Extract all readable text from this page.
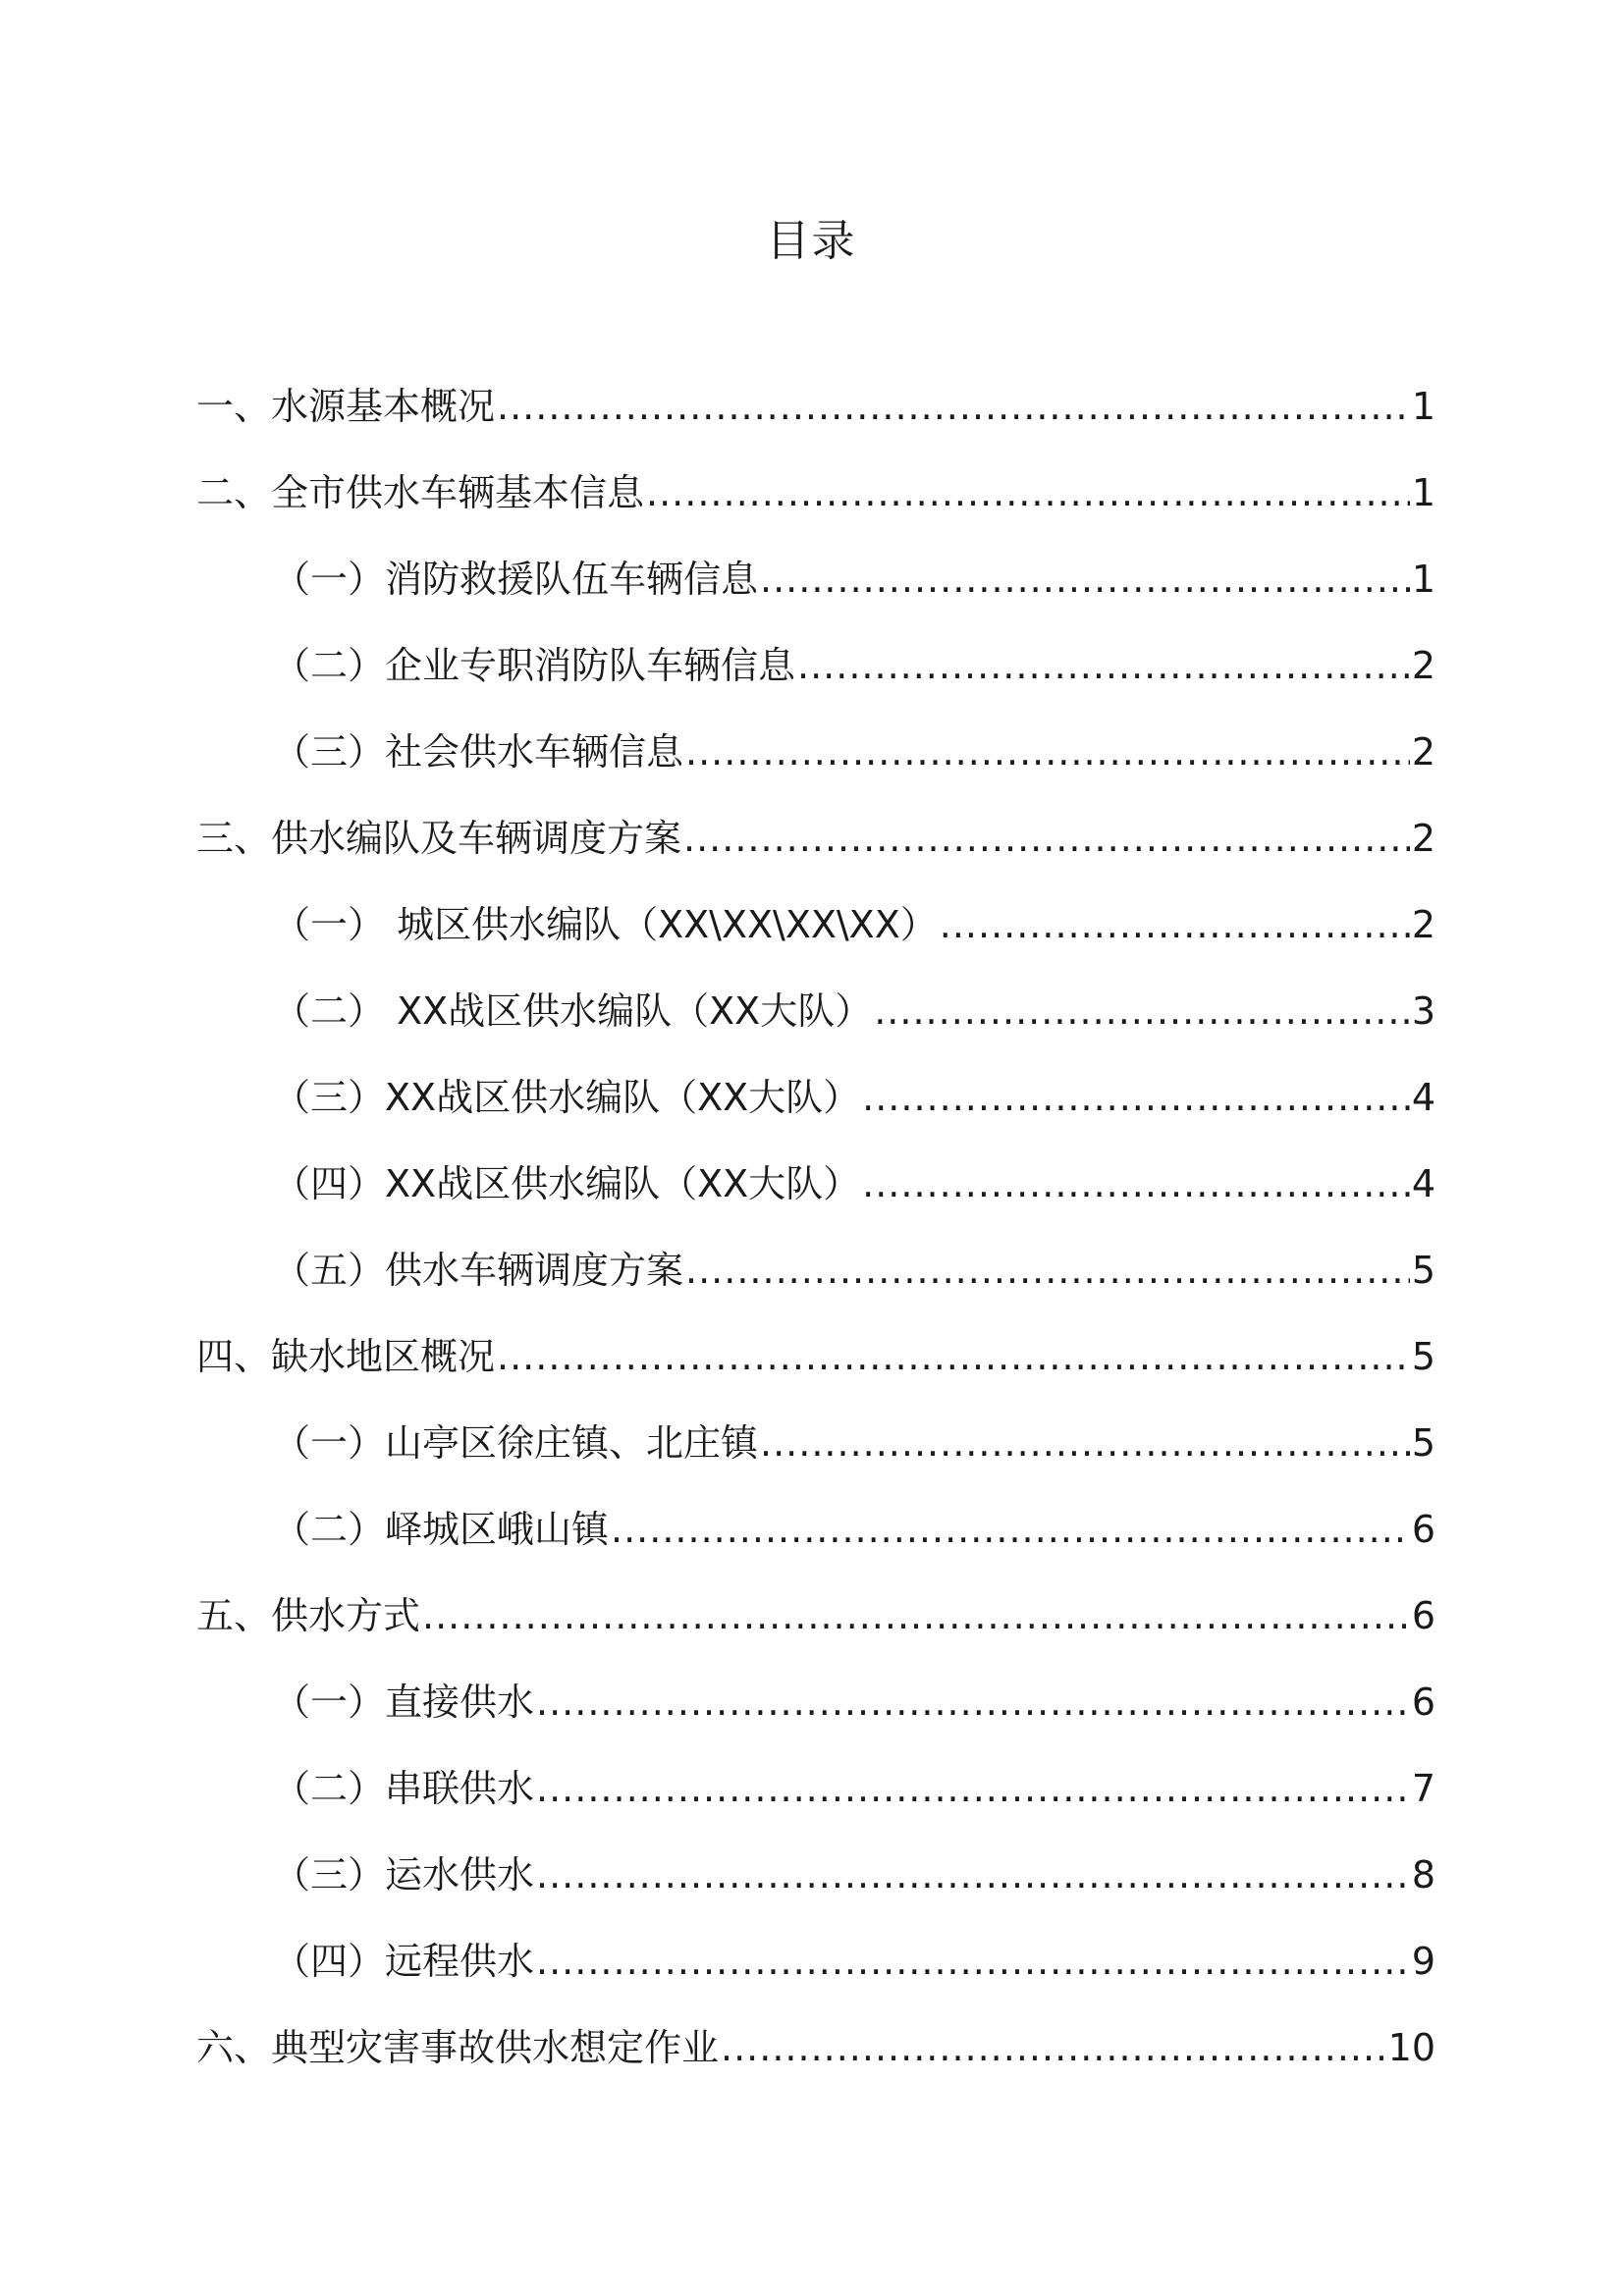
目录
一、水源基本概况 .....	1
二、全市供水车辆基本信息 .....	1
（一）消防救援队伍车辆信息 .....	1
（二）企业专职消防队车辆信息 .....	2
（三）社会供水车辆信息 .....	2
三、供水编队及车辆调度方案 .....	2
（一） 城区供水编队（XX\XX\XX\XX） .....	2
（二） XX战区供水编队（XX大队） .....	3
（三）XX战区供水编队（XX大队） .....	4
（四）XX战区供水编队（XX大队） .....	4
（五）供水车辆调度方案 .....	5
四、缺水地区概况 .....	5
（一）山亭区徐庄镇、北庄镇 .....	5
（二）峄城区峨山镇 .....	6
五、供水方式 .....	6
（一）直接供水 .....	6
（二）串联供水 .....	7
（三）运水供水 .....	8
（四）远程供水 .....	9
六、典型灾害事故供水想定作业 .....	10
